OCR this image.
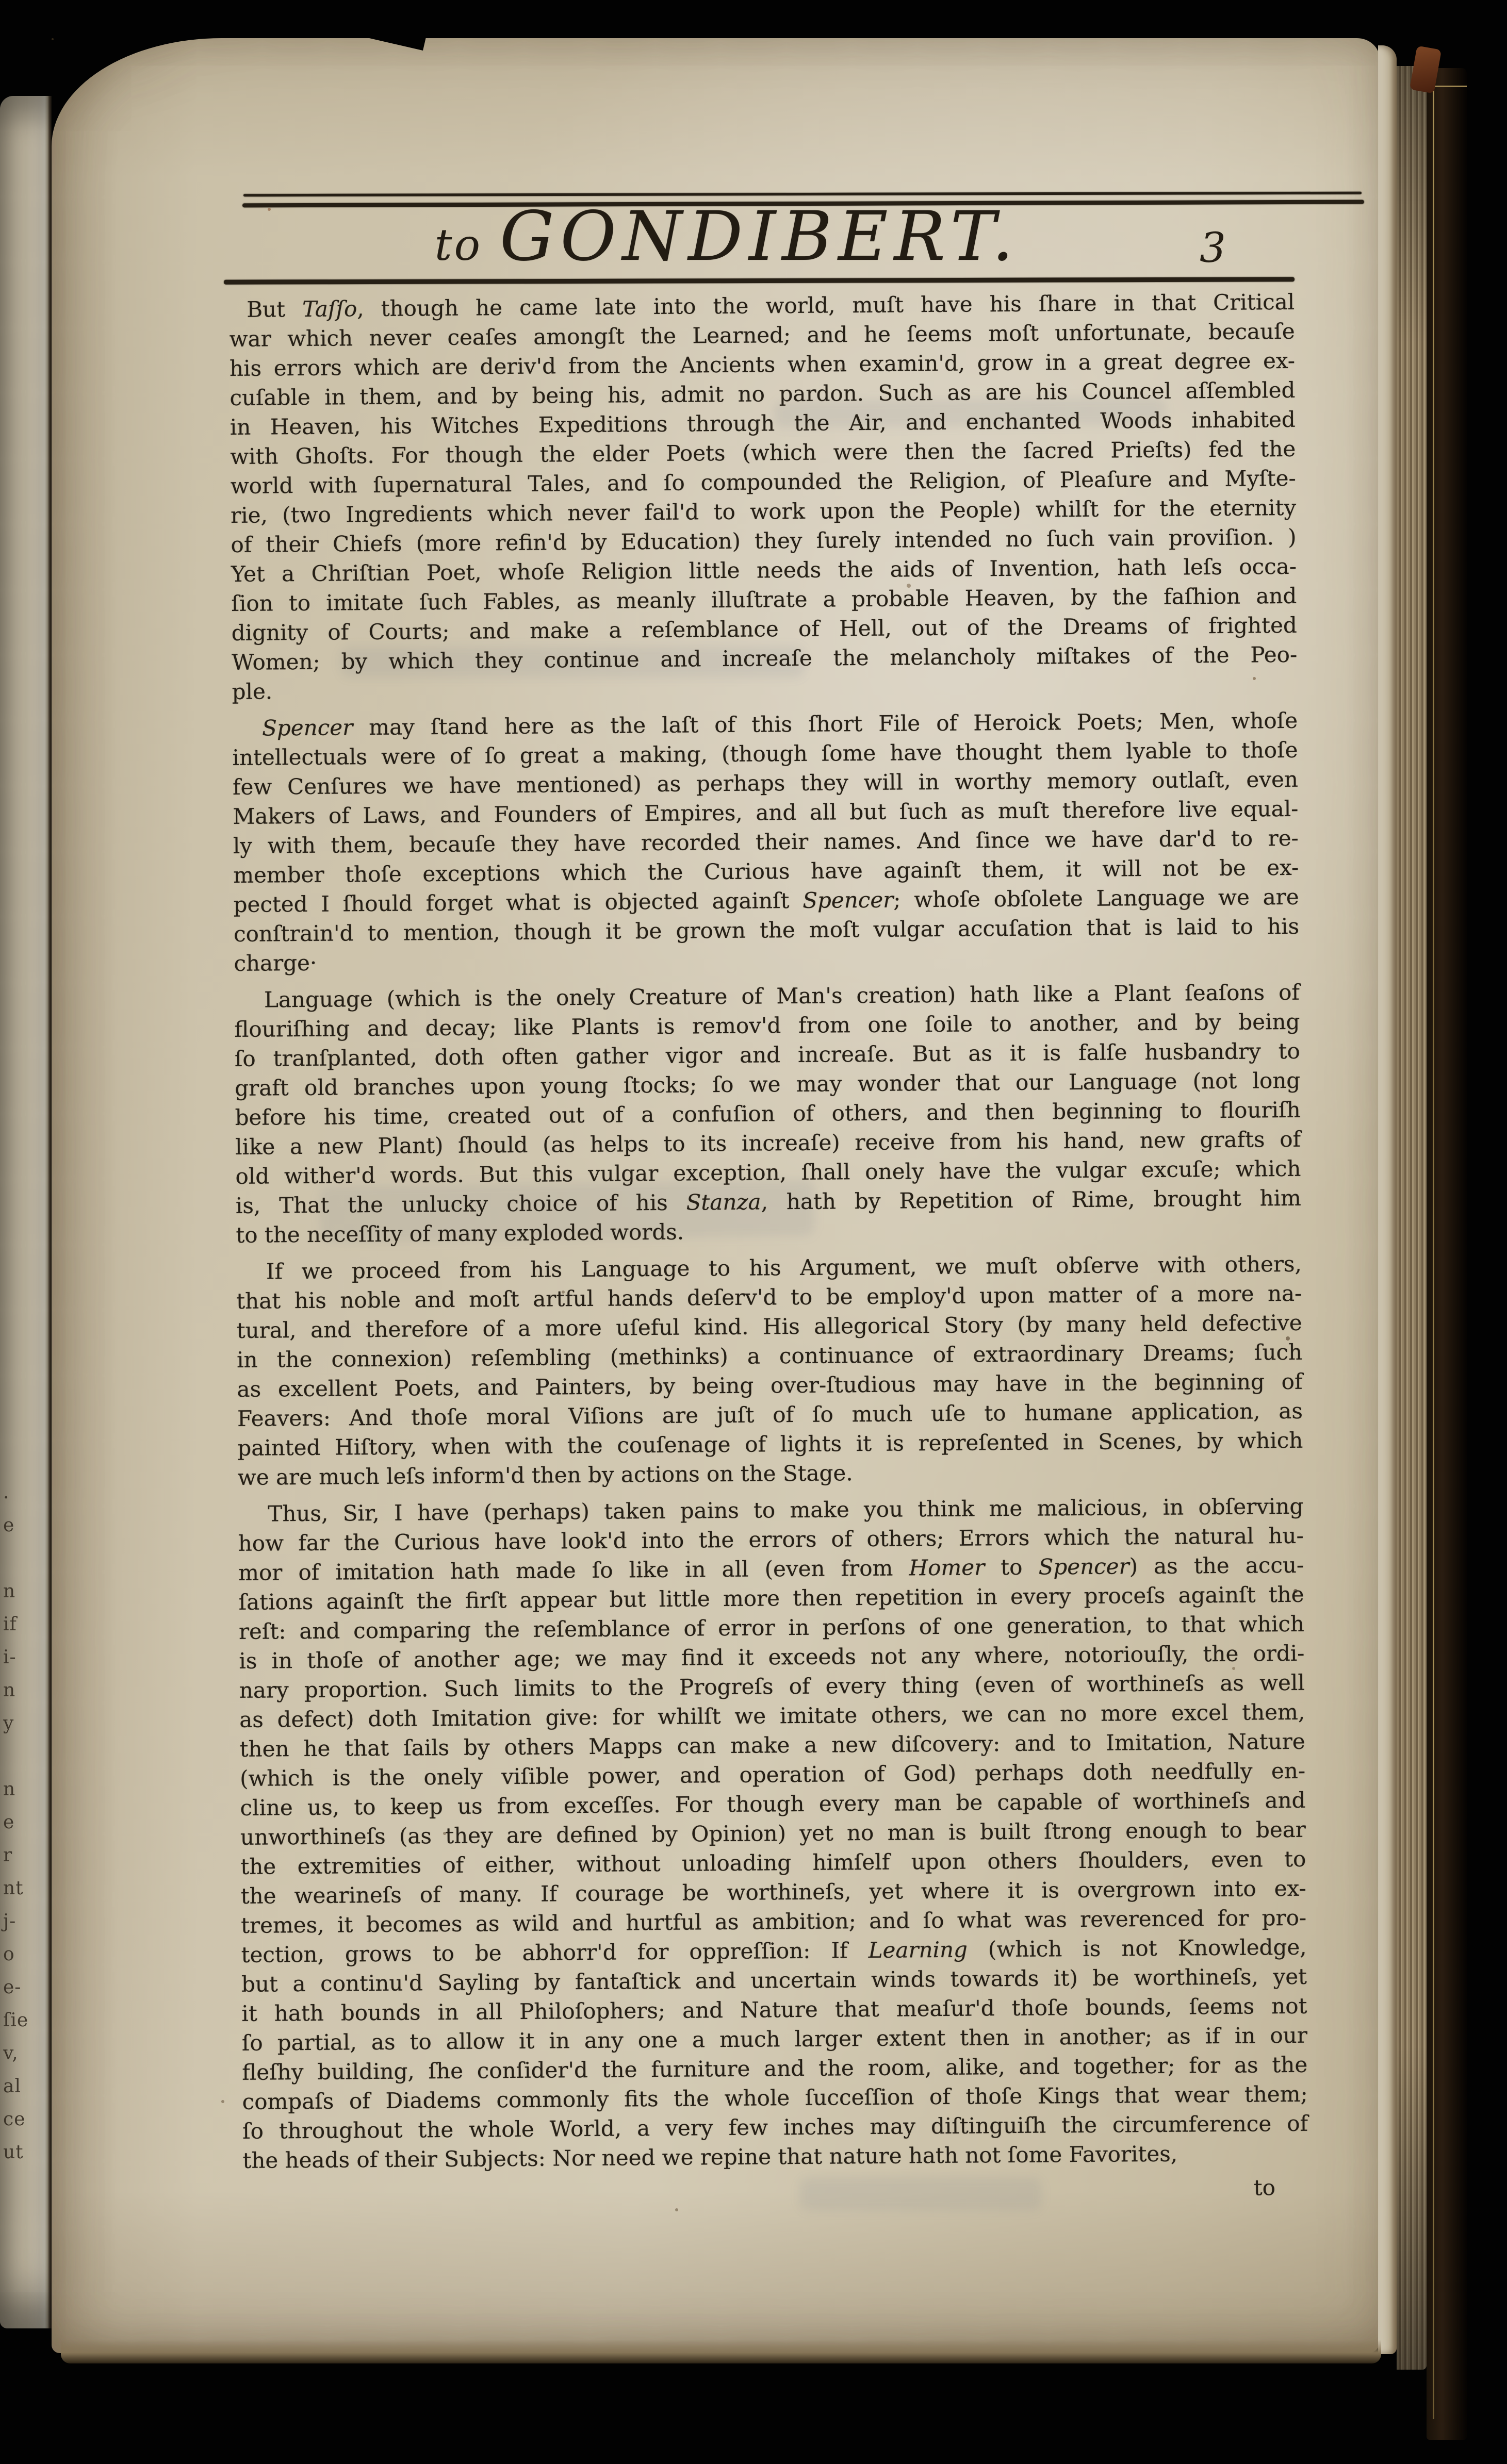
.
e
n
if
i-
n
y
n
e
r
nt
j-
o
e-
ſie
v,
al
ce
ut
to GONDIBERT.	3
But Taſſo, though he came late into the world, muſt have his ſhare in that Critical
war which never ceaſes amongſt the Learned; and he ſeems moſt unfortunate, becauſe
his errors which are deriv'd from the Ancients when examin'd, grow in a great degree ex-
cuſable in them, and by being his, admit no pardon. Such as are his Councel aſſembled
in Heaven, his Witches Expeditions through the Air, and enchanted Woods inhabited
with Ghoſts. For though the elder Poets (which were then the ſacred Prieſts) fed the
world with ſupernatural Tales, and ſo compounded the Religion, of Pleaſure and Myſte-
rie, (two Ingredients which never fail'd to work upon the People) whilſt for the eternity
of their Chiefs (more refin'd by Education) they ſurely intended no ſuch vain proviſion. )
Yet a Chriſtian Poet, whoſe Religion little needs the aids of Invention, hath leſs occa-
ſion to imitate ſuch Fables, as meanly illuſtrate a probable Heaven, by the faſhion and
dignity of Courts; and make a reſemblance of Hell, out of the Dreams of frighted
Women; by which they continue and increaſe the melancholy miſtakes of the Peo-
ple.
Spencer may ſtand here as the laſt of this ſhort File of Heroick Poets; Men, whoſe
intellectuals were of ſo great a making, (though ſome have thought them lyable to thoſe
few Cenſures we have mentioned) as perhaps they will in worthy memory outlaſt, even
Makers of Laws, and Founders of Empires, and all but ſuch as muſt therefore live equal-
ly with them, becauſe they have recorded their names. And ſince we have dar'd to re-
member thoſe exceptions which the Curious have againſt them, it will not be ex-
pected I ſhould forget what is objected againſt Spencer; whoſe obſolete Language we are
conſtrain'd to mention, though it be grown the moſt vulgar accuſation that is laid to his
charge·
Language (which is the onely Creature of Man's creation) hath like a Plant ſeaſons of
flouriſhing and decay; like Plants is remov'd from one ſoile to another, and by being
ſo tranſplanted, doth often gather vigor and increaſe. But as it is falſe husbandry to
graft old branches upon young ſtocks; ſo we may wonder that our Language (not long
before his time, created out of a confuſion of others, and then beginning to flouriſh
like a new Plant) ſhould (as helps to its increaſe) receive from his hand, new grafts of
old wither'd words. But this vulgar exception, ſhall onely have the vulgar excuſe; which
is, That the unlucky choice of his Stanza, hath by Repetition of Rime, brought him
to the neceſſity of many exploded words.
If we proceed from his Language to his Argument, we muſt obſerve with others,
that his noble and moſt artful hands deſerv'd to be employ'd upon matter of a more na-
tural, and therefore of a more uſeful kind. His allegorical Story (by many held defective
in the connexion) reſembling (methinks) a continuance of extraordinary Dreams; ſuch
as excellent Poets, and Painters, by being over-ſtudious may have in the beginning of
Feavers: And thoſe moral Viſions are juſt of ſo much uſe to humane application, as
painted Hiſtory, when with the couſenage of lights it is repreſented in Scenes, by which
we are much leſs inform'd then by actions on the Stage.
Thus, Sir, I have (perhaps) taken pains to make you think me malicious, in obſerving
how far the Curious have look'd into the errors of others; Errors which the natural hu-
mor of imitation hath made ſo like in all (even from Homer to Spencer) as the accu-
ſations againſt the firſt appear but little more then repetition in every proceſs againſt the
reſt: and comparing the reſemblance of error in perſons of one generation, to that which
is in thoſe of another age; we may find it exceeds not any where, notoriouſly, the ordi-
nary proportion. Such limits to the Progreſs of every thing (even of worthineſs as well
as defect) doth Imitation give: for whilſt we imitate others, we can no more excel them,
then he that ſails by others Mapps can make a new diſcovery: and to Imitation, Nature
(which is the onely viſible power, and operation of God) perhaps doth needfully en-
cline us, to keep us from exceſſes. For though every man be capable of worthineſs and
unworthineſs (as they are defined by Opinion) yet no man is built ſtrong enough to bear
the extremities of either, without unloading himſelf upon others ſhoulders, even to
the wearineſs of many. If courage be worthineſs, yet where it is overgrown into ex-
tremes, it becomes as wild and hurtful as ambition; and ſo what was reverenced for pro-
tection, grows to be abhorr'd for oppreſſion: If Learning (which is not Knowledge,
but a continu'd Sayling by fantaſtick and uncertain winds towards it) be worthineſs, yet
it hath bounds in all Philoſophers; and Nature that meaſur'd thoſe bounds, ſeems not
ſo partial, as to allow it in any one a much larger extent then in another; as if in our
fleſhy building, ſhe conſider'd the furniture and the room, alike, and together; for as the
compaſs of Diadems commonly fits the whole ſucceſſion of thoſe Kings that wear them;
ſo throughout the whole World, a very few inches may diſtinguiſh the circumference of
the heads of their Subjects: Nor need we repine that nature hath not ſome Favorites,
to
